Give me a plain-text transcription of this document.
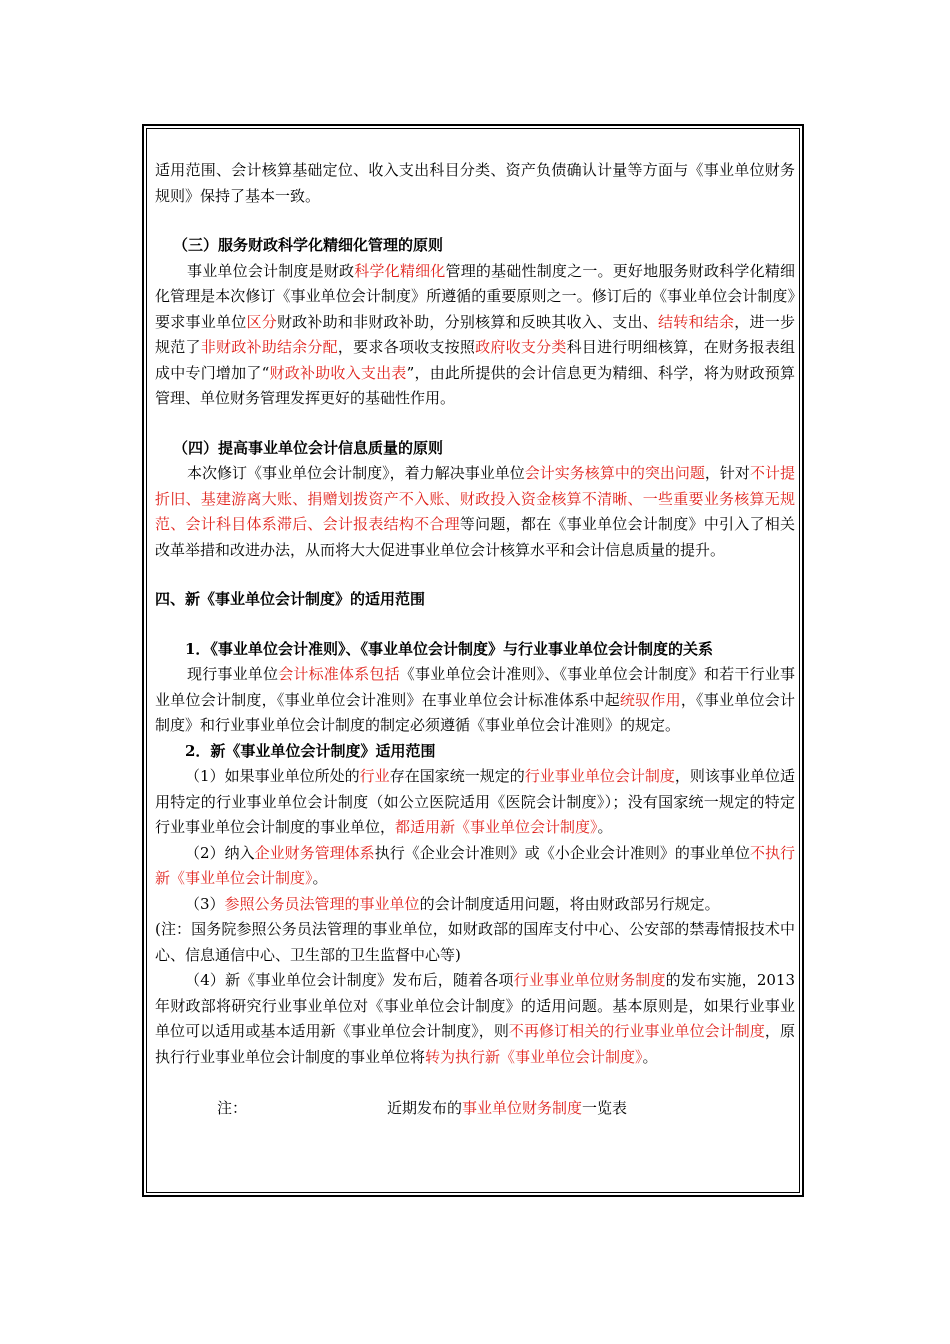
适用范围、会计核算基础定位、收入支出科目分类、资产负债确认计量等方面与《事业单位财务规则》保持了基本一致。

（三）服务财政科学化精细化管理的原则

事业单位会计制度是财政科学化精细化管理的基础性制度之一。更好地服务财政科学化精细化管理是本次修订《事业单位会计制度》所遵循的重要原则之一。修订后的《事业单位会计制度》要求事业单位区分财政补助和非财政补助，分别核算和反映其收入、支出、结转和结余，进一步规范了非财政补助结余分配，要求各项收支按照政府收支分类科目进行明细核算，在财务报表组成中专门增加了“财政补助收入支出表”，由此所提供的会计信息更为精细、科学，将为财政预算管理、单位财务管理发挥更好的基础性作用。

（四）提高事业单位会计信息质量的原则

本次修订《事业单位会计制度》，着力解决事业单位会计实务核算中的突出问题，针对不计提折旧、基建游离大账、捐赠划拨资产不入账、财政投入资金核算不清晰、一些重要业务核算无规范、会计科目体系滞后、会计报表结构不合理等问题，都在《事业单位会计制度》中引入了相关改革举措和改进办法，从而将大大促进事业单位会计核算水平和会计信息质量的提升。

四、新《事业单位会计制度》的适用范围

1．《事业单位会计准则》、《事业单位会计制度》与行业事业单位会计制度的关系

现行事业单位会计标准体系包括《事业单位会计准则》、《事业单位会计制度》和若干行业事业单位会计制度，《事业单位会计准则》在事业单位会计标准体系中起统驭作用，《事业单位会计制度》和行业事业单位会计制度的制定必须遵循《事业单位会计准则》的规定。

2．新《事业单位会计制度》适用范围

（1）如果事业单位所处的行业存在国家统一规定的行业事业单位会计制度，则该事业单位适用特定的行业事业单位会计制度（如公立医院适用《医院会计制度》）；没有国家统一规定的特定行业事业单位会计制度的事业单位，都适用新《事业单位会计制度》。

（2）纳入企业财务管理体系执行《企业会计准则》或《小企业会计准则》的事业单位不执行新《事业单位会计制度》。

（3）参照公务员法管理的事业单位的会计制度适用问题，将由财政部另行规定。

(注：国务院参照公务员法管理的事业单位，如财政部的国库支付中心、公安部的禁毒情报技术中心、信息通信中心、卫生部的卫生监督中心等)

（4）新《事业单位会计制度》发布后，随着各项行业事业单位财务制度的发布实施，2013年财政部将研究行业事业单位对《事业单位会计制度》的适用问题。基本原则是，如果行业事业单位可以适用或基本适用新《事业单位会计制度》，则不再修订相关的行业事业单位会计制度，原执行行业事业单位会计制度的事业单位将转为执行新《事业单位会计制度》。

注：	近期发布的事业单位财务制度一览表
